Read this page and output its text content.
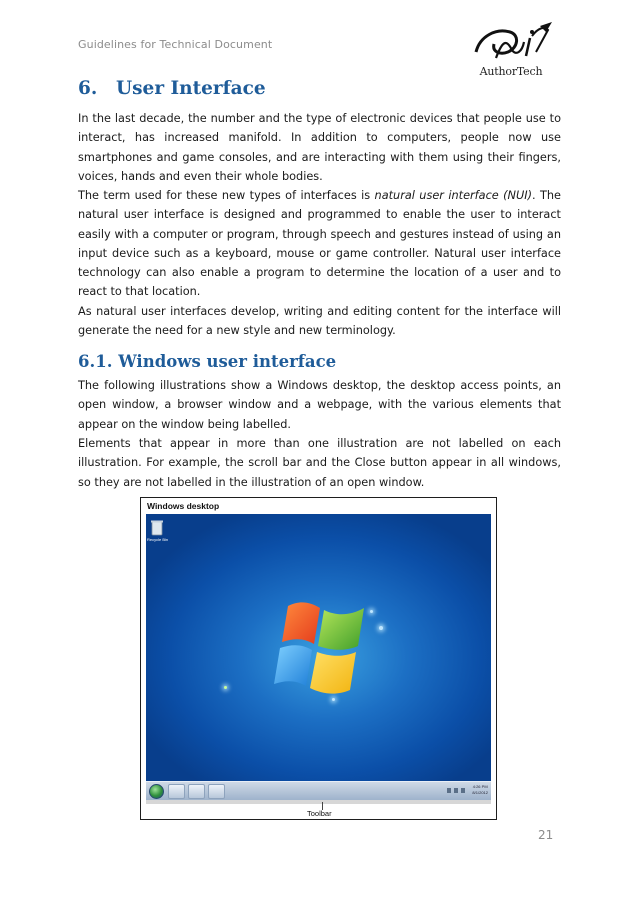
Guidelines for Technical Document
AuthorTech
6. User Interface

In the last decade, the number and the type of electronic devices that people use to interact, has increased manifold. In addition to computers, people now use smartphones and game consoles, and are interacting with them using their fingers, voices, hands and even their whole bodies.

The term used for these new types of interfaces is natural user interface (NUI). The natural user interface is designed and programmed to enable the user to interact easily with a computer or program, through speech and gestures instead of using an input device such as a keyboard, mouse or game controller. Natural user interface technology can also enable a program to determine the location of a user and to react to that location.

As natural user interfaces develop, writing and editing content for the interface will generate the need for a new style and new terminology.

6.1. Windows user interface

The following illustrations show a Windows desktop, the desktop access points, an open window, a browser window and a webpage, with the various elements that appear on the window being labelled.

Elements that appear in more than one illustration are not labelled on each illustration. For example, the scroll bar and the Close button appear in all windows, so they are not labelled in the illustration of an open window.

Windows desktop
Recycle Bin
4:26 PM
8/1/2012
Toolbar
21
